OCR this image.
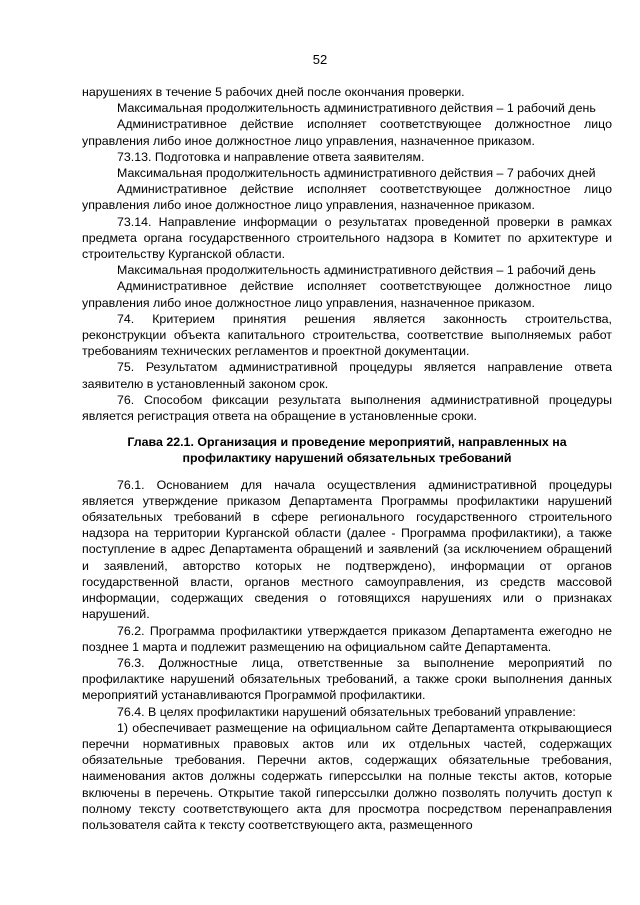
52

нарушениях в течение 5 рабочих дней после окончания проверки.

Максимальная продолжительность административного действия – 1 рабочий день

Административное действие исполняет соответствующее должностное лицо управления либо иное должностное лицо управления, назначенное приказом.

73.13. Подготовка и направление ответа заявителям.

Максимальная продолжительность административного действия – 7 рабочих дней

Административное действие исполняет соответствующее должностное лицо управления либо иное должностное лицо управления, назначенное приказом.

73.14. Направление информации о результатах проведенной проверки в рамках предмета органа государственного строительного надзора в Комитет по архитектуре и строительству Курганской области.

Максимальная продолжительность административного действия – 1 рабочий день

Административное действие исполняет соответствующее должностное лицо управления либо иное должностное лицо управления, назначенное приказом.

74. Критерием принятия решения является законность строительства, реконструкции объекта капитального строительства, соответствие выполняемых работ требованиям технических регламентов и проектной документации.

75. Результатом административной процедуры является направление ответа заявителю в установленный законом срок.

76. Способом фиксации результата выполнения административной процедуры является регистрация ответа на обращение в установленные сроки.

Глава 22.1. Организация и проведение мероприятий, направленных на
профилактику нарушений обязательных требований

76.1. Основанием для начала осуществления административной процедуры является утверждение приказом Департамента Программы профилактики нарушений обязательных требований в сфере регионального государственного строительного надзора на территории Курганской области (далее - Программа профилактики), а также поступление в адрес Департамента обращений и заявлений (за исключением обращений и заявлений, авторство которых не подтверждено), информации от органов государственной власти, органов местного самоуправления, из средств массовой информации, содержащих сведения о готовящихся нарушениях или о признаках нарушений.

76.2. Программа профилактики утверждается приказом Департамента ежегодно не позднее 1 марта и подлежит размещению на официальном сайте Департамента.

76.3. Должностные лица, ответственные за выполнение мероприятий по профилактике нарушений обязательных требований, а также сроки выполнения данных мероприятий устанавливаются Программой профилактики.

76.4. В целях профилактики нарушений обязательных требований управление:

1) обеспечивает размещение на официальном сайте Департамента открывающиеся перечни нормативных правовых актов или их отдельных частей, содержащих обязательные требования. Перечни актов, содержащих обязательные требования, наименования актов должны содержать гиперссылки на полные тексты актов, которые включены в перечень. Открытие такой гиперссылки должно позволять получить доступ к полному тексту соответствующего акта для просмотра посредством перенаправления пользователя сайта к тексту соответствующего акта, размещенного
